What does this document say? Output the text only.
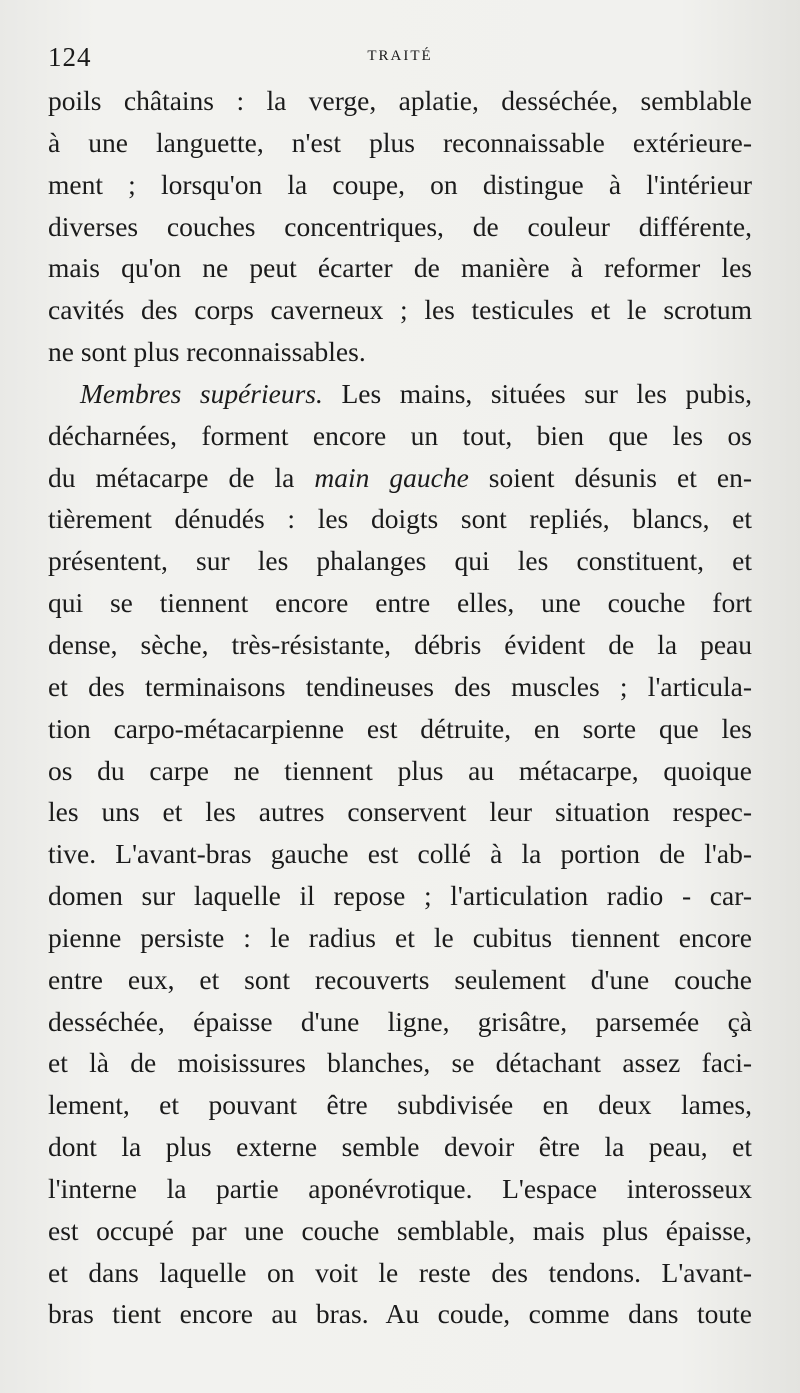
124	TRAITÉ
poils châtains : la verge, aplatie, desséchée, semblable
à une languette, n'est plus reconnaissable extérieure-
ment ; lorsqu'on la coupe, on distingue à l'intérieur
diverses couches concentriques, de couleur différente,
mais qu'on ne peut écarter de manière à reformer les
cavités des corps caverneux ; les testicules et le scrotum
ne sont plus reconnaissables.
Membres supérieurs. Les mains, situées sur les pubis,
décharnées, forment encore un tout, bien que les os
du métacarpe de la main gauche soient désunis et en-
tièrement dénudés : les doigts sont repliés, blancs, et
présentent, sur les phalanges qui les constituent, et
qui se tiennent encore entre elles, une couche fort
dense, sèche, très-résistante, débris évident de la peau
et des terminaisons tendineuses des muscles ; l'articula-
tion carpo-métacarpienne est détruite, en sorte que les
os du carpe ne tiennent plus au métacarpe, quoique
les uns et les autres conservent leur situation respec-
tive. L'avant-bras gauche est collé à la portion de l'ab-
domen sur laquelle il repose ; l'articulation radio - car-
pienne persiste : le radius et le cubitus tiennent encore
entre eux, et sont recouverts seulement d'une couche
desséchée, épaisse d'une ligne, grisâtre, parsemée çà
et là de moisissures blanches, se détachant assez faci-
lement, et pouvant être subdivisée en deux lames,
dont la plus externe semble devoir être la peau, et
l'interne la partie aponévrotique. L'espace interosseux
est occupé par une couche semblable, mais plus épaisse,
et dans laquelle on voit le reste des tendons. L'avant-
bras tient encore au bras. Au coude, comme dans toute
